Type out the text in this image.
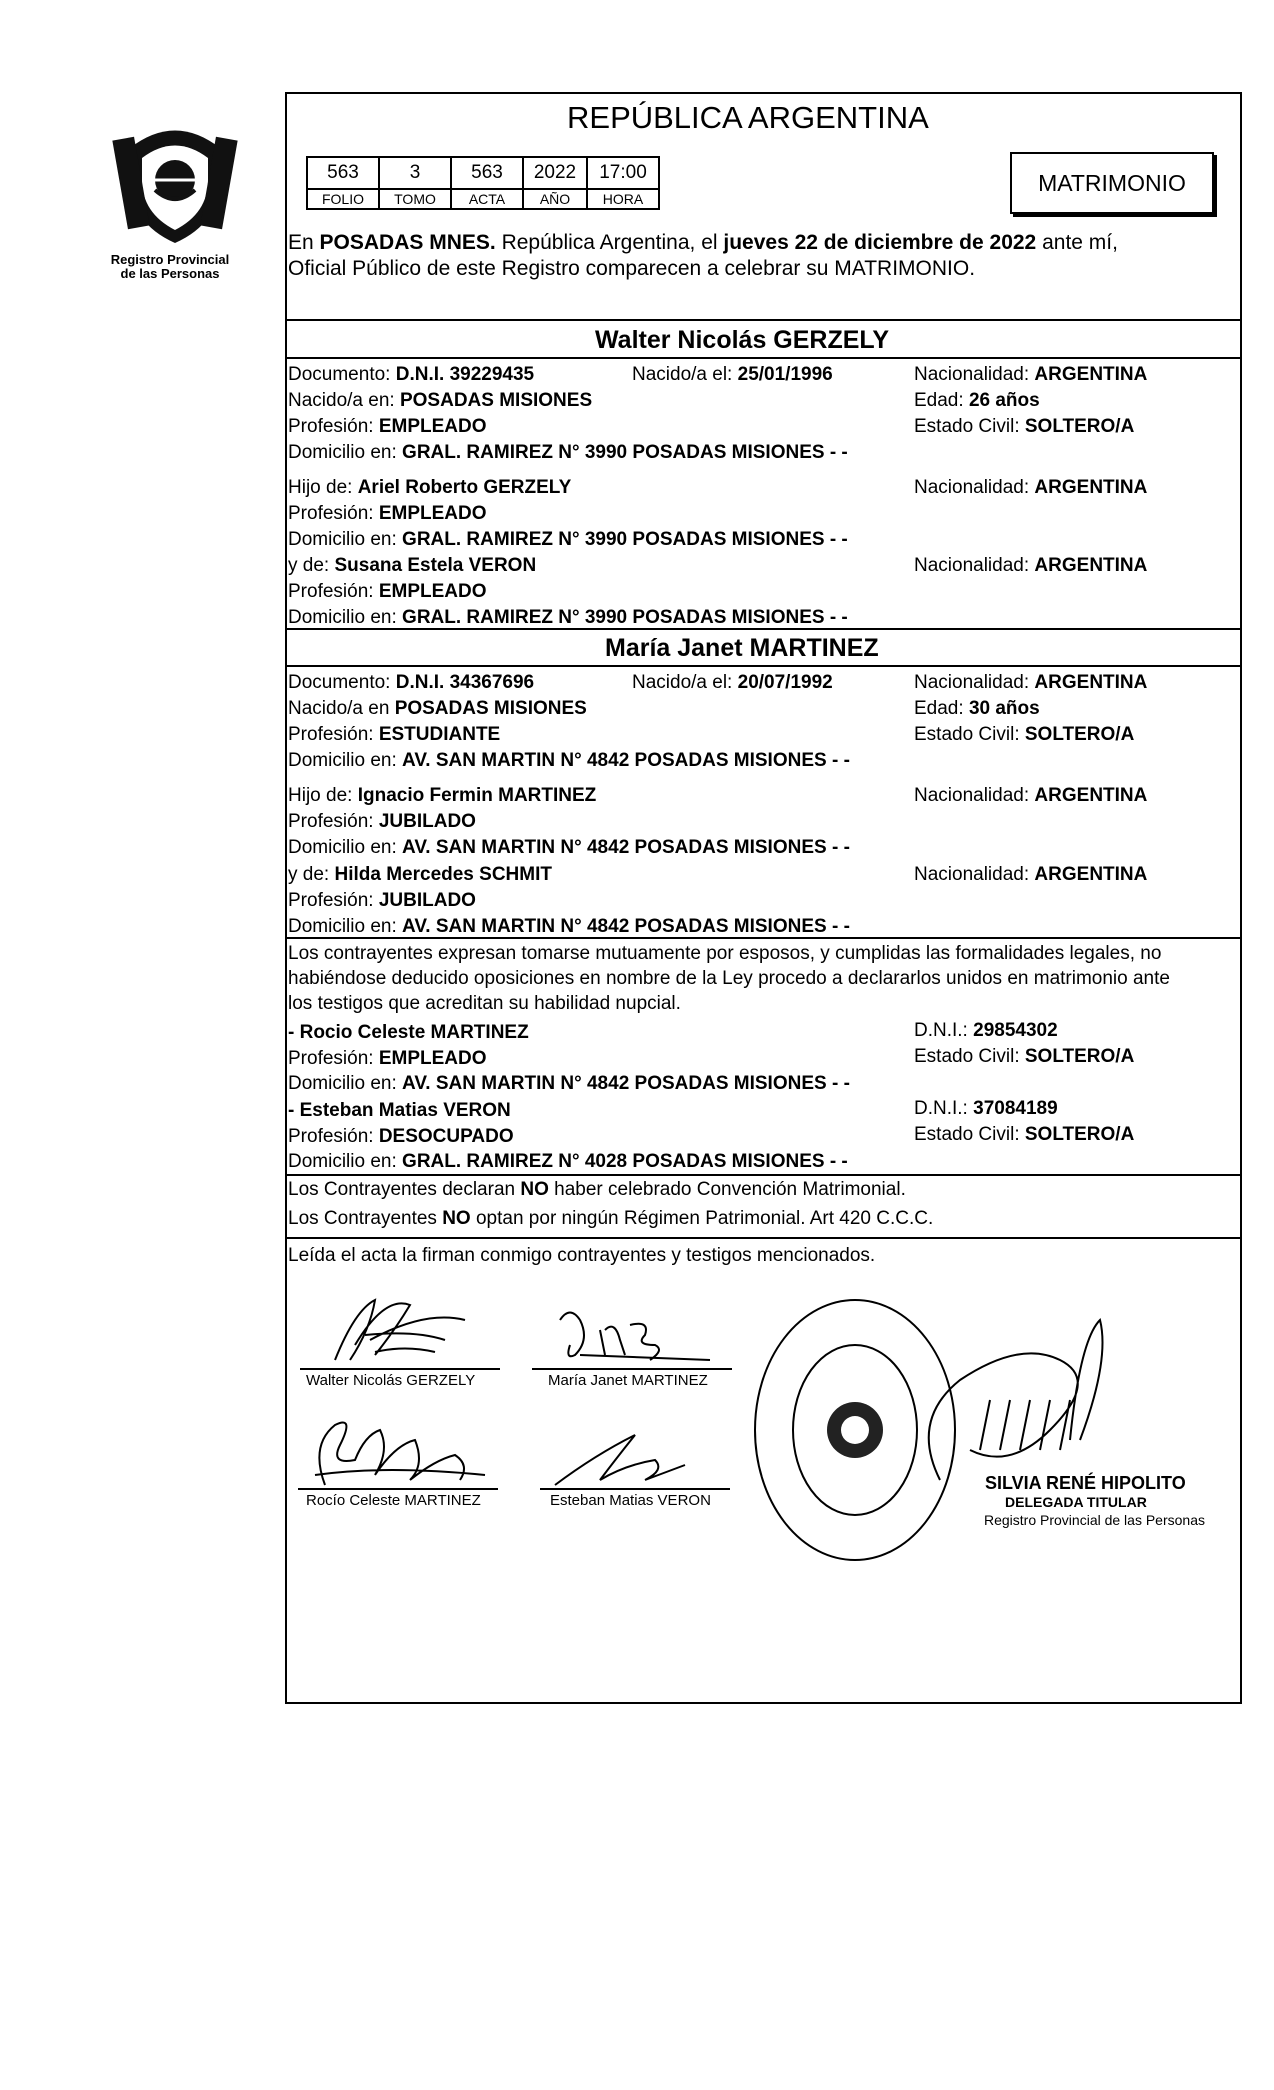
Registro Provincial
de las Personas
REPÚBLICA ARGENTINA
563	3	563	2022	17:00
FOLIO	TOMO	ACTA	AÑO	HORA
MATRIMONIO
En POSADAS MNES. República Argentina, el jueves 22 de diciembre de 2022 ante mí,
Oficial Público de este Registro comparecen a celebrar su MATRIMONIO.
Walter Nicolás GERZELY
Documento: D.N.I. 39229435	Nacido/a el: 25/01/1996	Nacionalidad: ARGENTINA
Nacido/a en: POSADAS MISIONES	Edad: 26 años
Profesión: EMPLEADO	Estado Civil: SOLTERO/A
Domicilio en: GRAL. RAMIREZ N° 3990 POSADAS MISIONES - -
Hijo de: Ariel Roberto GERZELY	Nacionalidad: ARGENTINA
Profesión: EMPLEADO
Domicilio en: GRAL. RAMIREZ N° 3990 POSADAS MISIONES - -
y de: Susana Estela VERON	Nacionalidad: ARGENTINA
Profesión: EMPLEADO
Domicilio en: GRAL. RAMIREZ N° 3990 POSADAS MISIONES - -
María Janet MARTINEZ
Documento: D.N.I. 34367696	Nacido/a el: 20/07/1992	Nacionalidad: ARGENTINA
Nacido/a en POSADAS MISIONES	Edad: 30 años
Profesión: ESTUDIANTE	Estado Civil: SOLTERO/A
Domicilio en: AV. SAN MARTIN N° 4842 POSADAS MISIONES - -
Hijo de: Ignacio Fermin MARTINEZ	Nacionalidad: ARGENTINA
Profesión: JUBILADO
Domicilio en: AV. SAN MARTIN N° 4842 POSADAS MISIONES - -
y de: Hilda Mercedes SCHMIT	Nacionalidad: ARGENTINA
Profesión: JUBILADO
Domicilio en: AV. SAN MARTIN N° 4842 POSADAS MISIONES - -
Los contrayentes expresan tomarse mutuamente por esposos, y cumplidas las formalidades legales, no
habiéndose deducido oposiciones en nombre de la Ley procedo a declararlos unidos en matrimonio ante
los testigos que acreditan su habilidad nupcial.
- Rocio Celeste MARTINEZ	D.N.I.: 29854302
Profesión: EMPLEADO	Estado Civil: SOLTERO/A
Domicilio en: AV. SAN MARTIN N° 4842 POSADAS MISIONES - -
- Esteban Matias VERON	D.N.I.: 37084189
Profesión: DESOCUPADO	Estado Civil: SOLTERO/A
Domicilio en: GRAL. RAMIREZ N° 4028 POSADAS MISIONES - -
Los Contrayentes declaran NO haber celebrado Convención Matrimonial.
Los Contrayentes NO optan por ningún Régimen Patrimonial. Art 420 C.C.C.
Leída el acta la firman conmigo contrayentes y testigos mencionados.
Walter Nicolás GERZELY	María Janet MARTINEZ
Rocío Celeste MARTINEZ	Esteban Matias VERON
SILVIA RENÉ HIPOLITO
DELEGADA TITULAR
Registro Provincial de las Personas
